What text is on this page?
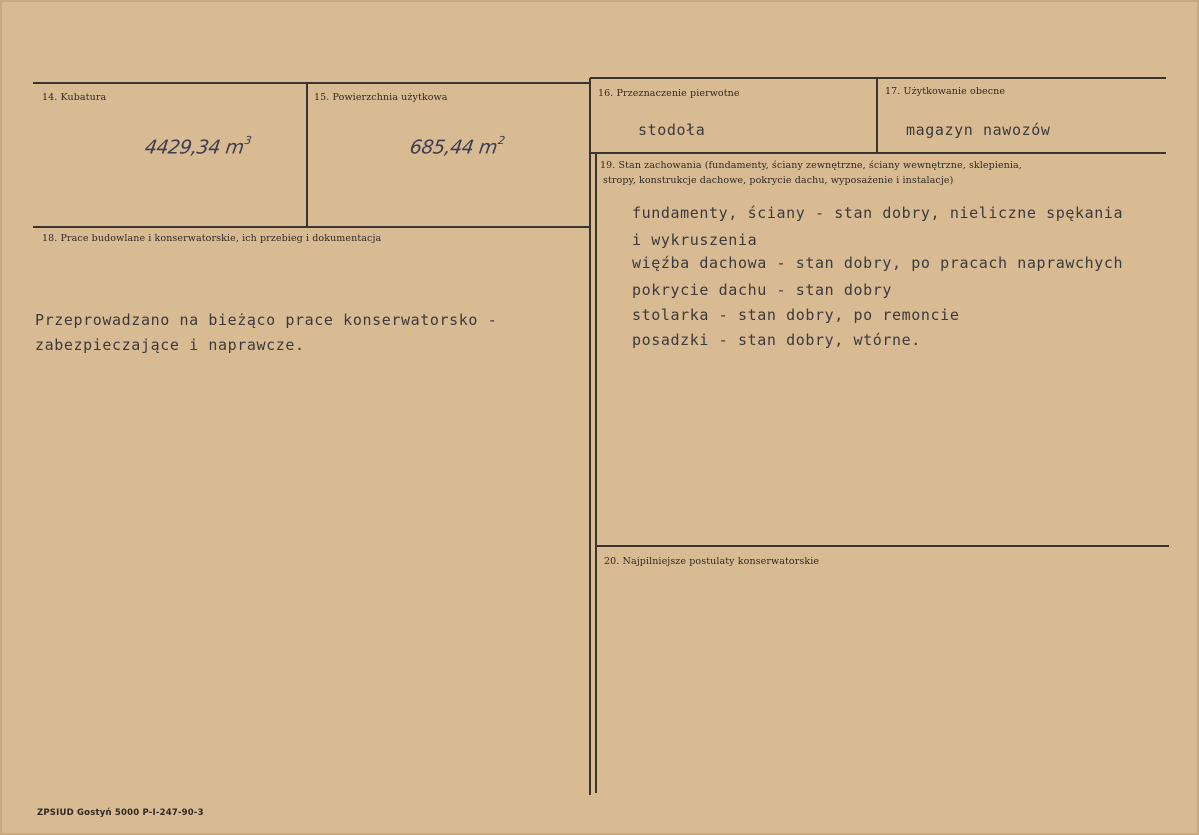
14. Kubatura
4429,34 $m^3$
15. Powierzchnia użytkowa
685,44 $m^2$
16. Przeznaczenie pierwotne
stodoła
17. Użytkowanie obecne
magazyn nawozów
18. Prace budowlane i konserwatorskie, ich przebieg i dokumentacja
Przeprowadzano na bieżąco prace konserwatorsko -
zabezpieczające i naprawcze.
19. Stan zachowania (fundamenty, ściany zewnętrzne, ściany wewnętrzne, sklepienia,
stropy, konstrukcje dachowe, pokrycie dachu, wyposażenie i instalacje)
fundamenty, ściany - stan dobry, nieliczne spękania
i wykruszenia
więźba dachowa - stan dobry, po pracach naprawchych
pokrycie dachu - stan dobry
stolarka - stan dobry, po remoncie
posadzki - stan dobry, wtórne.
20. Najpilniejsze postulaty konserwatorskie
ZPSIUD Gostyń 5000 P-I-247-90-3
